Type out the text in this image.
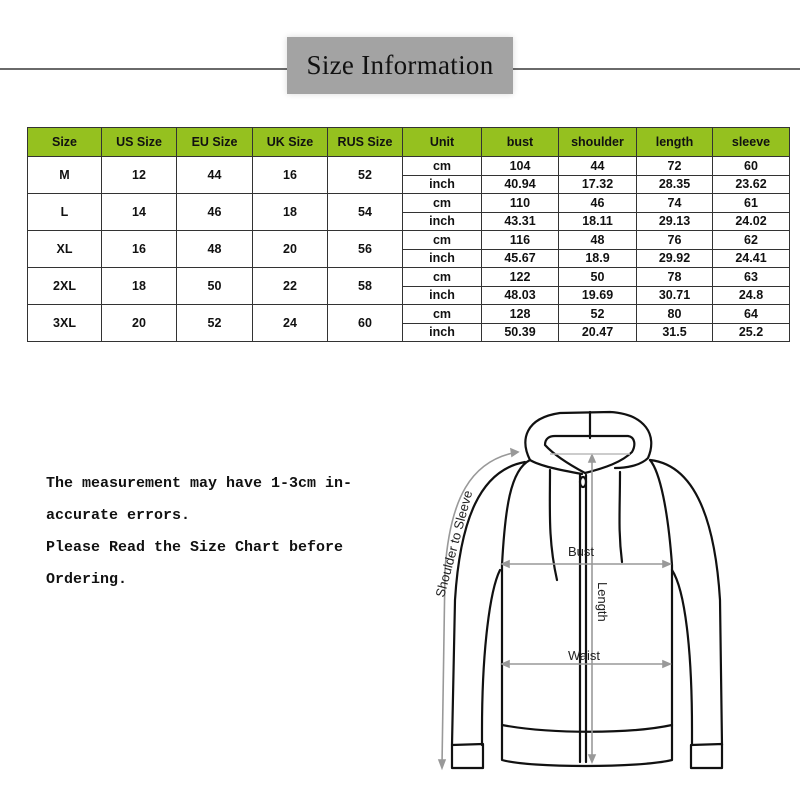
Size Information
Size	US Size	EU Size	UK Size	RUS Size	Unit	bust	shoulder	length	sleeve
M	12	44	16	52	cm	104	44	72	60
					inch	40.94	17.32	28.35	23.62
L	14	46	18	54	cm	110	46	74	61
					inch	43.31	18.11	29.13	24.02
XL	16	48	20	56	cm	116	48	76	62
					inch	45.67	18.9	29.92	24.41
2XL	18	50	22	58	cm	122	50	78	63
					inch	48.03	19.69	30.71	24.8
3XL	20	52	24	60	cm	128	52	80	64
					inch	50.39	20.47	31.5	25.2
The measurement may have 1-3cm in-
accurate errors.
Please Read the Size Chart before
Ordering.
Bust
Waist
Length
Shoulder to Sleeve
